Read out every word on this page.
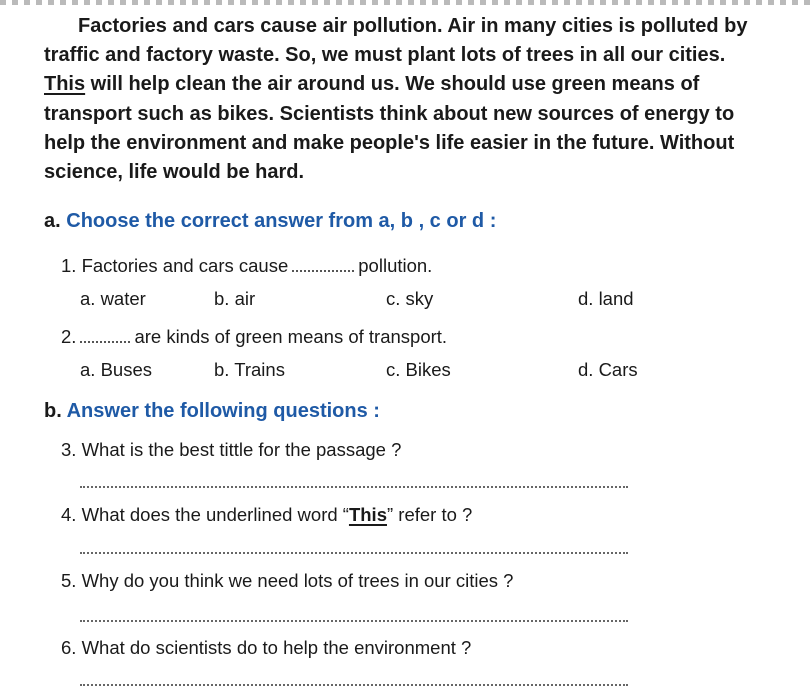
Factories and cars cause air pollution. Air in many cities is polluted by
traffic and factory waste. So, we must plant lots of trees in all our cities.
This will help clean the air around us. We should use green means of
transport such as bikes. Scientists think about new sources of energy to
help the environment and make people's life easier in the future. Without
science, life would be hard.
a. Choose the correct answer from a, b , c or d :
1. Factories and cars cause	pollution.
a. water	b. air	c. sky	d. land
2.	are kinds of green means of transport.
a. Buses	b. Trains	c. Bikes	d. Cars
b. Answer the following questions :
3. What is the best tittle for the passage ?
4. What does the underlined word “This” refer to ?
5. Why do you think we need lots of trees in our cities ?
6. What do scientists do to help the environment ?
